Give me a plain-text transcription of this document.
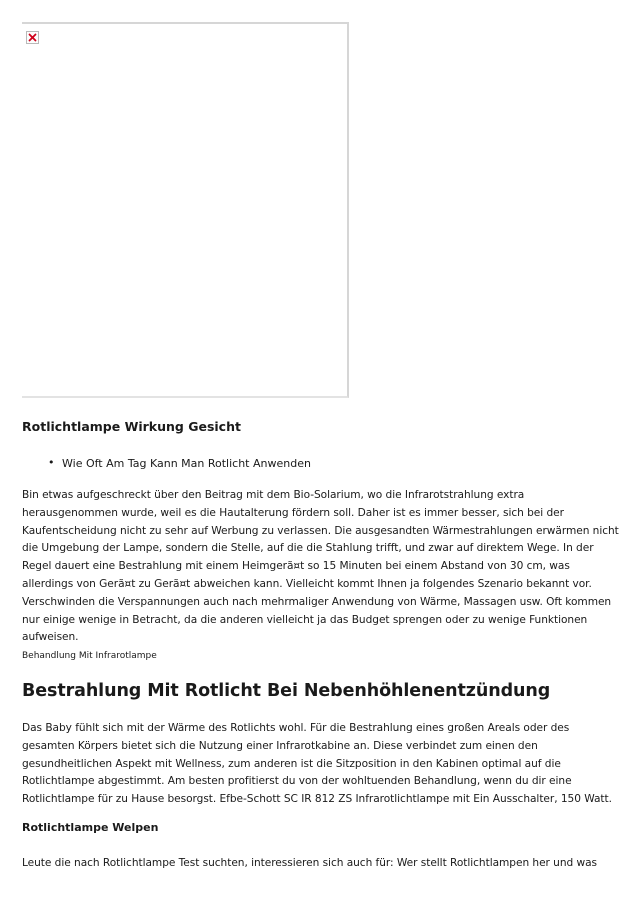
Rotlichtlampe Wirkung Gesicht
• Wie Oft Am Tag Kann Man Rotlicht Anwenden

Bin etwas aufgeschreckt über den Beitrag mit dem Bio-Solarium, wo die Infrarotstrahlung extra herausgenommen wurde, weil es die Hautalterung fördern soll. Daher ist es immer besser, sich bei der Kaufentscheidung nicht zu sehr auf Werbung zu verlassen. Die ausgesandten Wärmestrahlungen erwärmen nicht die Umgebung der Lampe, sondern die Stelle, auf die die Stahlung trifft, und zwar auf direktem Wege. In der Regel dauert eine Bestrahlung mit einem Heimgerã¤t so 15 Minuten bei einem Abstand von 30 cm, was allerdings von Gerã¤t zu Gerã¤t abweichen kann. Vielleicht kommt Ihnen ja folgendes Szenario bekannt vor. Verschwinden die Verspannungen auch nach mehrmaliger Anwendung von Wärme, Massagen usw. Oft kommen nur einige wenige in Betracht, da die anderen vielleicht ja das Budget sprengen oder zu wenige Funktionen aufweisen.

Behandlung Mit Infrarotlampe
Bestrahlung Mit Rotlicht Bei Nebenhöhlenentzündung

Das Baby fühlt sich mit der Wärme des Rotlichts wohl. Für die Bestrahlung eines großen Areals oder des gesamten Körpers bietet sich die Nutzung einer Infrarotkabine an. Diese verbindet zum einen den gesundheitlichen Aspekt mit Wellness, zum anderen ist die Sitzposition in den Kabinen optimal auf die Rotlichtlampe abgestimmt. Am besten profitierst du von der wohltuenden Behandlung, wenn du dir eine Rotlichtlampe für zu Hause besorgst. Efbe-Schott SC IR 812 ZS Infrarotlichtlampe mit Ein Ausschalter, 150 Watt.

Rotlichtlampe Welpen

Leute die nach Rotlichtlampe Test suchten, interessieren sich auch für: Wer stellt Rotlichtlampen her und was
